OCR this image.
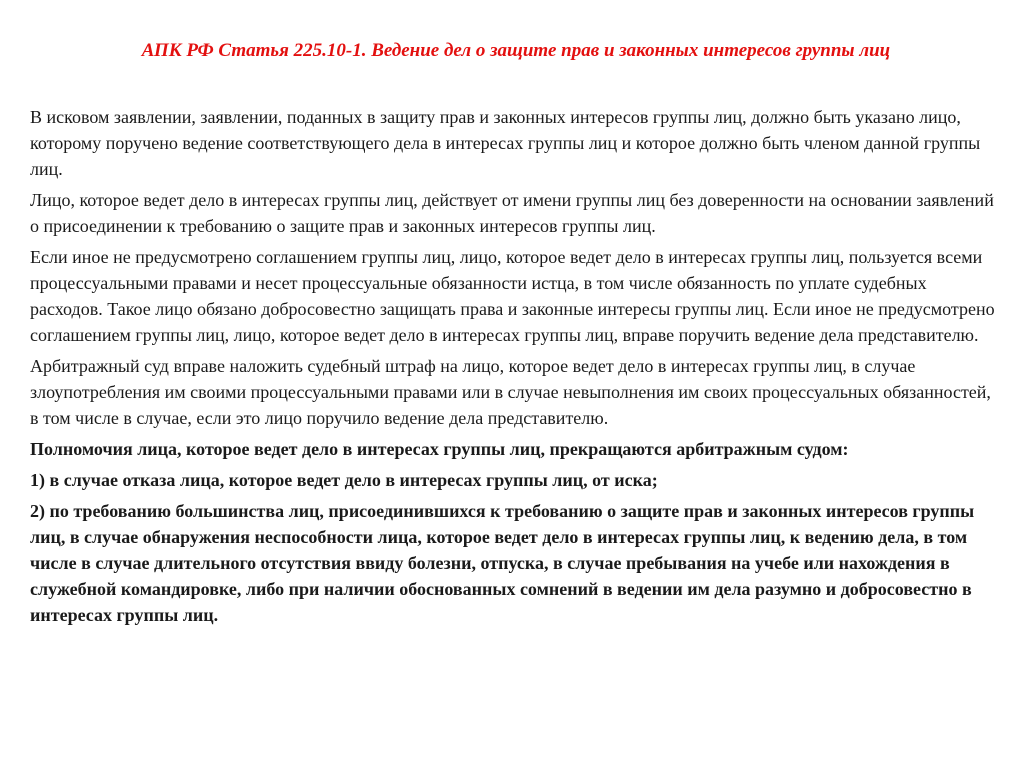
АПК РФ Статья 225.10-1. Ведение дел о защите прав и законных интересов группы лиц

В исковом заявлении, заявлении, поданных в защиту прав и законных интересов группы лиц, должно быть указано лицо, которому поручено ведение соответствующего дела в интересах группы лиц и которое должно быть членом данной группы лиц.

Лицо, которое ведет дело в интересах группы лиц, действует от имени группы лиц без доверенности на основании заявлений о присоединении к требованию о защите прав и законных интересов группы лиц.

Если иное не предусмотрено соглашением группы лиц, лицо, которое ведет дело в интересах группы лиц, пользуется всеми процессуальными правами и несет процессуальные обязанности истца, в том числе обязанность по уплате судебных расходов. Такое лицо обязано добросовестно защищать права и законные интересы группы лиц. Если иное не предусмотрено соглашением группы лиц, лицо, которое ведет дело в интересах группы лиц, вправе поручить ведение дела представителю.

Арбитражный суд вправе наложить судебный штраф на лицо, которое ведет дело в интересах группы лиц, в случае злоупотребления им своими процессуальными правами или в случае невыполнения им своих процессуальных обязанностей, в том числе в случае, если это лицо поручило ведение дела представителю.

Полномочия лица, которое ведет дело в интересах группы лиц, прекращаются арбитражным судом:

1) в случае отказа лица, которое ведет дело в интересах группы лиц, от иска;

2) по требованию большинства лиц, присоединившихся к требованию о защите прав и законных интересов группы лиц, в случае обнаружения неспособности лица, которое ведет дело в интересах группы лиц, к ведению дела, в том числе в случае длительного отсутствия ввиду болезни, отпуска, в случае пребывания на учебе или нахождения в служебной командировке, либо при наличии обоснованных сомнений в ведении им дела разумно и добросовестно в интересах группы лиц.
